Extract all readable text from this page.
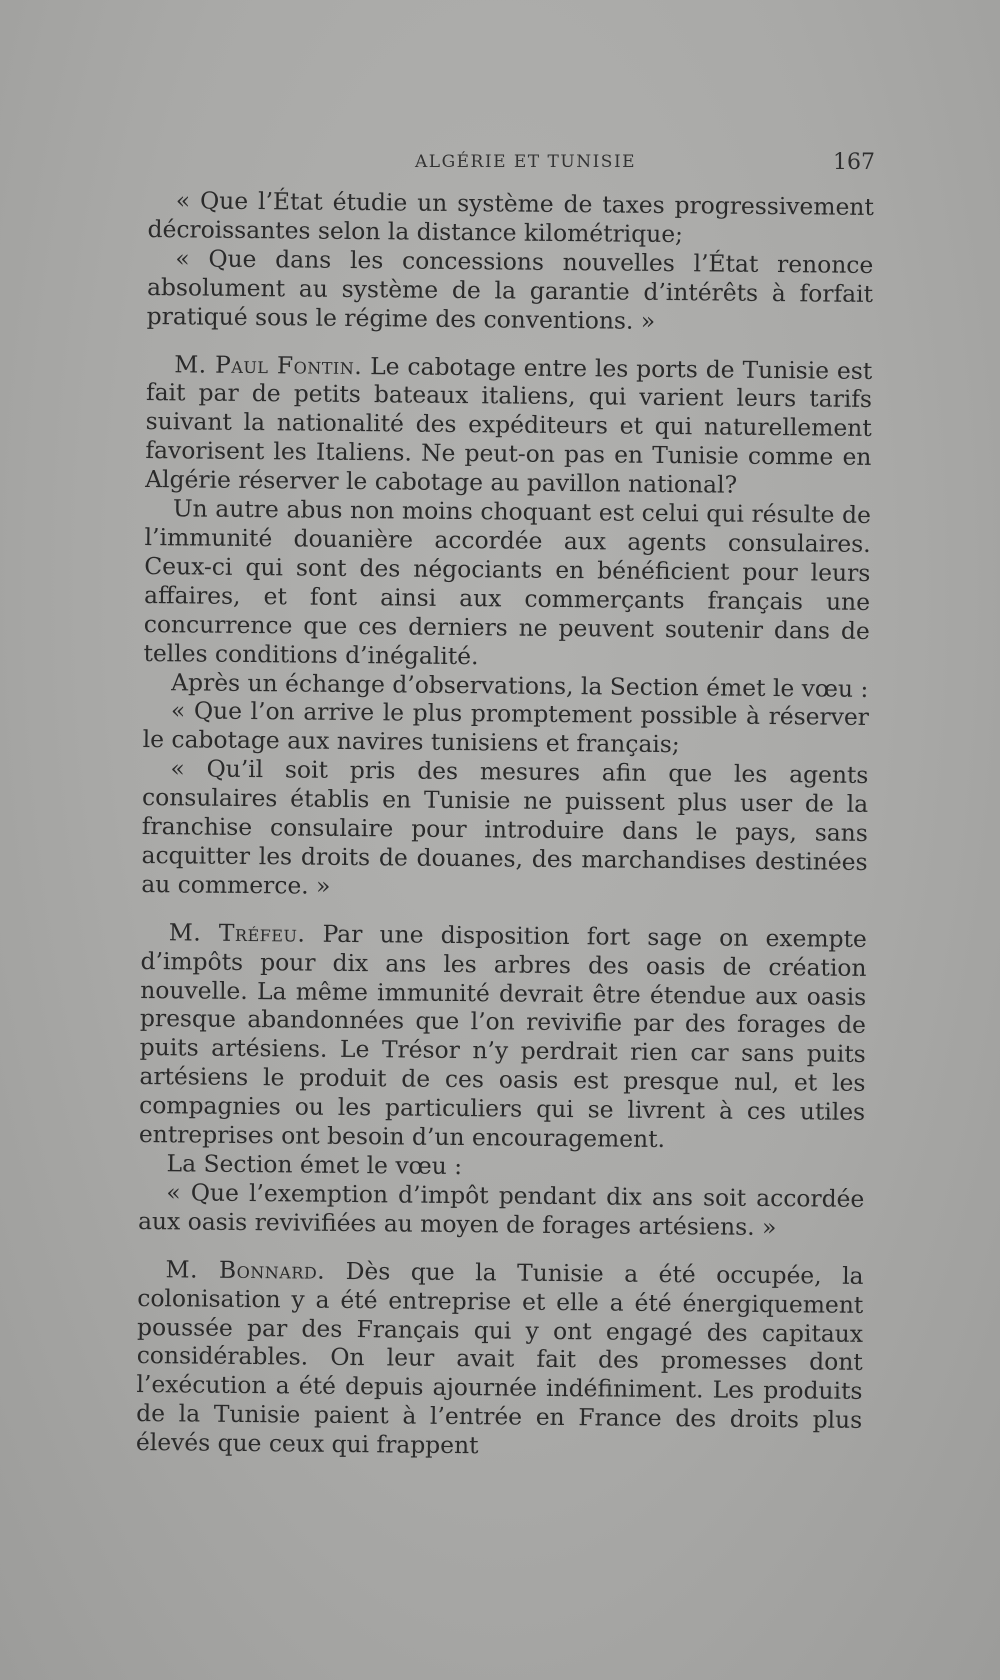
ALGÉRIE ET TUNISIE	167

« Que l’État étudie un système de taxes progressivement décroissantes selon la distance kilométrique;

« Que dans les concessions nouvelles l’État renonce absolument au système de la garantie d’intérêts à forfait pratiqué sous le régime des conventions. »

M. Paul Fontin. Le cabotage entre les ports de Tunisie est fait par de petits bateaux italiens, qui varient leurs tarifs suivant la nationalité des expéditeurs et qui naturellement favorisent les Italiens. Ne peut-on pas en Tunisie comme en Algérie réserver le cabotage au pavillon national?

Un autre abus non moins choquant est celui qui résulte de l’immunité douanière accordée aux agents consulaires. Ceux-ci qui sont des négociants en bénéficient pour leurs affaires, et font ainsi aux commerçants français une concurrence que ces derniers ne peuvent soutenir dans de telles conditions d’inégalité.

Après un échange d’observations, la Section émet le vœu :

« Que l’on arrive le plus promptement possible à réserver le cabotage aux navires tunisiens et français;

« Qu’il soit pris des mesures afin que les agents consulaires établis en Tunisie ne puissent plus user de la franchise consulaire pour introduire dans le pays, sans acquitter les droits de douanes, des marchandises destinées au commerce. »

M. Tréfeu. Par une disposition fort sage on exempte d’impôts pour dix ans les arbres des oasis de création nouvelle. La même immunité devrait être étendue aux oasis presque abandonnées que l’on revivifie par des forages de puits artésiens. Le Trésor n’y perdrait rien car sans puits artésiens le produit de ces oasis est presque nul, et les compagnies ou les particuliers qui se livrent à ces utiles entreprises ont besoin d’un encouragement.

La Section émet le vœu :

« Que l’exemption d’impôt pendant dix ans soit accordée aux oasis revivifiées au moyen de forages artésiens. »

M. Bonnard. Dès que la Tunisie a été occupée, la colonisation y a été entreprise et elle a été énergiquement poussée par des Français qui y ont engagé des capitaux considérables. On leur avait fait des promesses dont l’exécution a été depuis ajournée indéfiniment. Les produits de la Tunisie paient à l’entrée en France des droits plus élevés que ceux qui frappent
